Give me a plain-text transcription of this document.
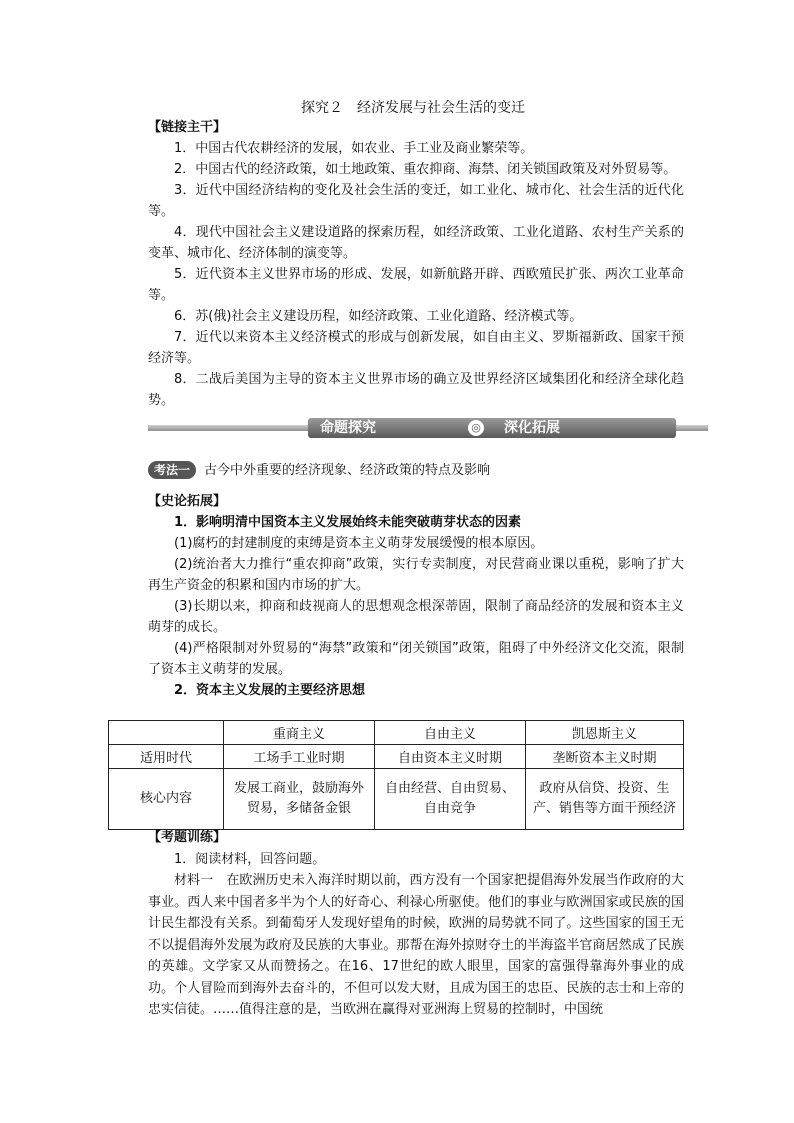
探究２　经济发展与社会生活的变迁
【链接主干】
1．中国古代农耕经济的发展，如农业、手工业及商业繁荣等。
2．中国古代的经济政策，如土地政策、重农抑商、海禁、闭关锁国政策及对外贸易等。
3．近代中国经济结构的变化及社会生活的变迁，如工业化、城市化、社会生活的近代化等。
4．现代中国社会主义建设道路的探索历程，如经济政策、工业化道路、农村生产关系的变革、城市化、经济体制的演变等。
5．近代资本主义世界市场的形成、发展，如新航路开辟、西欧殖民扩张、两次工业革命等。
6．苏(俄)社会主义建设历程，如经济政策、工业化道路、经济模式等。
7．近代以来资本主义经济模式的形成与创新发展，如自由主义、罗斯福新政、国家干预经济等。
8．二战后美国为主导的资本主义世界市场的确立及世界经济区域集团化和经济全球化趋势。
命题探究	◎ 深化拓展
考法一 古今中外重要的经济现象、经济政策的特点及影响
【史论拓展】
1．影响明清中国资本主义发展始终未能突破萌芽状态的因素
(1)腐朽的封建制度的束缚是资本主义萌芽发展缓慢的根本原因。
(2)统治者大力推行“重农抑商”政策，实行专卖制度，对民营商业课以重税，影响了扩大再生产资金的积累和国内市场的扩大。
(3)长期以来，抑商和歧视商人的思想观念根深蒂固，限制了商品经济的发展和资本主义萌芽的成长。
(4)严格限制对外贸易的“海禁”政策和“闭关锁国”政策，阻碍了中外经济文化交流，限制了资本主义萌芽的发展。
2．资本主义发展的主要经济思想
	重商主义	自由主义	凯恩斯主义
适用时代	工场手工业时期	自由资本主义时期	垄断资本主义时期
核心内容	发展工商业，鼓励海外贸易，多储备金银	自由经营、自由贸易、自由竞争	政府从信贷、投资、生产、销售等方面干预经济
【考题训练】
1．阅读材料，回答问题。
材料一　在欧洲历史未入海洋时期以前，西方没有一个国家把提倡海外发展当作政府的大事业。西人来中国者多半为个人的好奇心、利禄心所驱使。他们的事业与欧洲国家或民族的国计民生都没有关系。到葡萄牙人发现好望角的时候，欧洲的局势就不同了。这些国家的国王无不以提倡海外发展为政府及民族的大事业。那帮在海外掠财夺土的半海盗半官商居然成了民族的英雄。文学家又从而赞扬之。在16、17世纪的欧人眼里，国家的富强得靠海外事业的成功。个人冒险而到海外去奋斗的，不但可以发大财，且成为国王的忠臣、民族的志士和上帝的忠实信徒。……值得注意的是，当欧洲在赢得对亚洲海上贸易的控制时，中国统
